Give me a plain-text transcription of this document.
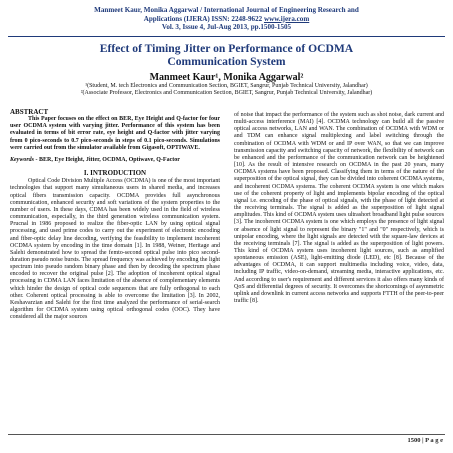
Manmeet Kaur, Monika Aggarwal / International Journal of Engineering Research and
Applications (IJERA) ISSN: 2248-9622 www.ijera.com
Vol. 3, Issue 4, Jul-Aug 2013, pp.1500-1505
Effect of Timing Jitter on Performance of OCDMA
Communication System
Manmeet Kaur¹, Monika Aggarwal²
¹(Student, M. tech Electronics and Communication Section, BGIET, Sangrur, Punjab Technical University, Jalandhar)
²(Associate Professor, Electronics and Communication Section, BGIET, Sangrur, Punjab Technical University, Jalandhar)
ABSTRACT

This Paper focuses on the effect on BER, Eye Height and Q-factor for four user OCDMA system with varying jitter. Performance of this system has been evaluated in terms of bit error rate, eye height and Q-factor with jitter varying from 0 pico-seconds to 0.7 pico-seconds in steps of 0.1 pico-seconds. Simulations were carried out from the simulator available from Gigasoft, OPTIWAVE.

Keywords - BER, Eye Height, Jitter, OCDMA, Optiwave, Q-Factor

I. INTRODUCTION

Optical Code Division Multiple Access (OCDMA) is one of the most important technologies that support many simultaneous users in shared media, and increases optical fibers transmission capacity. OCDMA provides full asynchronous communication, enhanced security and soft variations of the system properties to the number of users. In these days, CDMA has been widely used in the field of wireless communication, especially, in the third generation wireless communication system. Prucnal in 1986 proposed to realize the fiber-optic LAN by using optical signal processing, and used prime codes to carry out the experiment of electronic encoding and fiber-optic delay line decoding, verifying the feasibility to implement incoherent OCDMA system by encoding in the time domain [1]. In 1988, Weiner, Heritage and Salehi demonstrated how to spread the femto-second optical pulse into pico second-duration pseudo noise bursts. The spread frequency was achieved by encoding the light spectrum into pseudo random binary phase and then by decoding the spectrum phase encoded to recover the original pulse [2]. The adoption of incoherent optical signal processing in CDMA LAN faces limitation of the absence of complementary elements which hinder the design of optical code sequences that are fully orthogonal to each other. Coherent optical processing is able to overcome the limitation [3]. In 2002, Keshavarzian and Salehi for the first time analyzed the performance of serial-search algorithm for OCDMA system using optical orthogonal codes (OOC). They have considered all the major sources

of noise that impact the performance of the system such as shot noise, dark current and multi-access interference (MAI) [4]. OCDMA technology can build all the passive optical access networks, LAN and WAN. The combination of OCDMA with WDM or and TDM can enhance signal multiplexing and label switching through the combination of OCDMA with WDM or and IP over WAN, so that we can improve transmission capacity and switching capacity of network, the flexibility of network can be enhanced and the performance of the communication network can be heightened [10]. As the result of intensive research on OCDMA in the past 20 years, many OCDMA systems have been proposed. Classifying them in terms of the nature of the superposition of the optical signal, they can be divided into coherent OCDMA systems, and incoherent OCDMA systems. The coherent OCDMA system is one which makes use of the coherent property of light and implements bipolar encoding of the optical signal i.e. encoding of the phase of optical signals, with the phase of light detected at the receiving terminals. The signal is added as the superposition of light signal amplitudes. This kind of OCDMA system uses ultrashort broadband light pulse sources [3]. The incoherent OCDMA system is one which employs the presence of light signal or absence of light signal to represent the binary "1" and "0" respectively, which is unipolar encoding, where the light signals are detected with the square-law devices at the receiving terminals [7]. The signal is added as the superposition of light powers. This kind of OCDMA system uses incoherent light sources, such as amplified spontaneous emission (ASE), light-emitting diode (LED), etc [8]. Because of the advantages of OCDMA, it can support multimedia including voice, video, data, including IP traffic, video-on-demand, streaming media, interactive applications, etc. And according to user's requirement and different services it also offers many kinds of QoS and differential degrees of security. It overcomes the shortcomings of asymmetric uplink and downlink in current access networks and supports FTTH of the peer-to-peer traffic [8].

1500 | P a g e
